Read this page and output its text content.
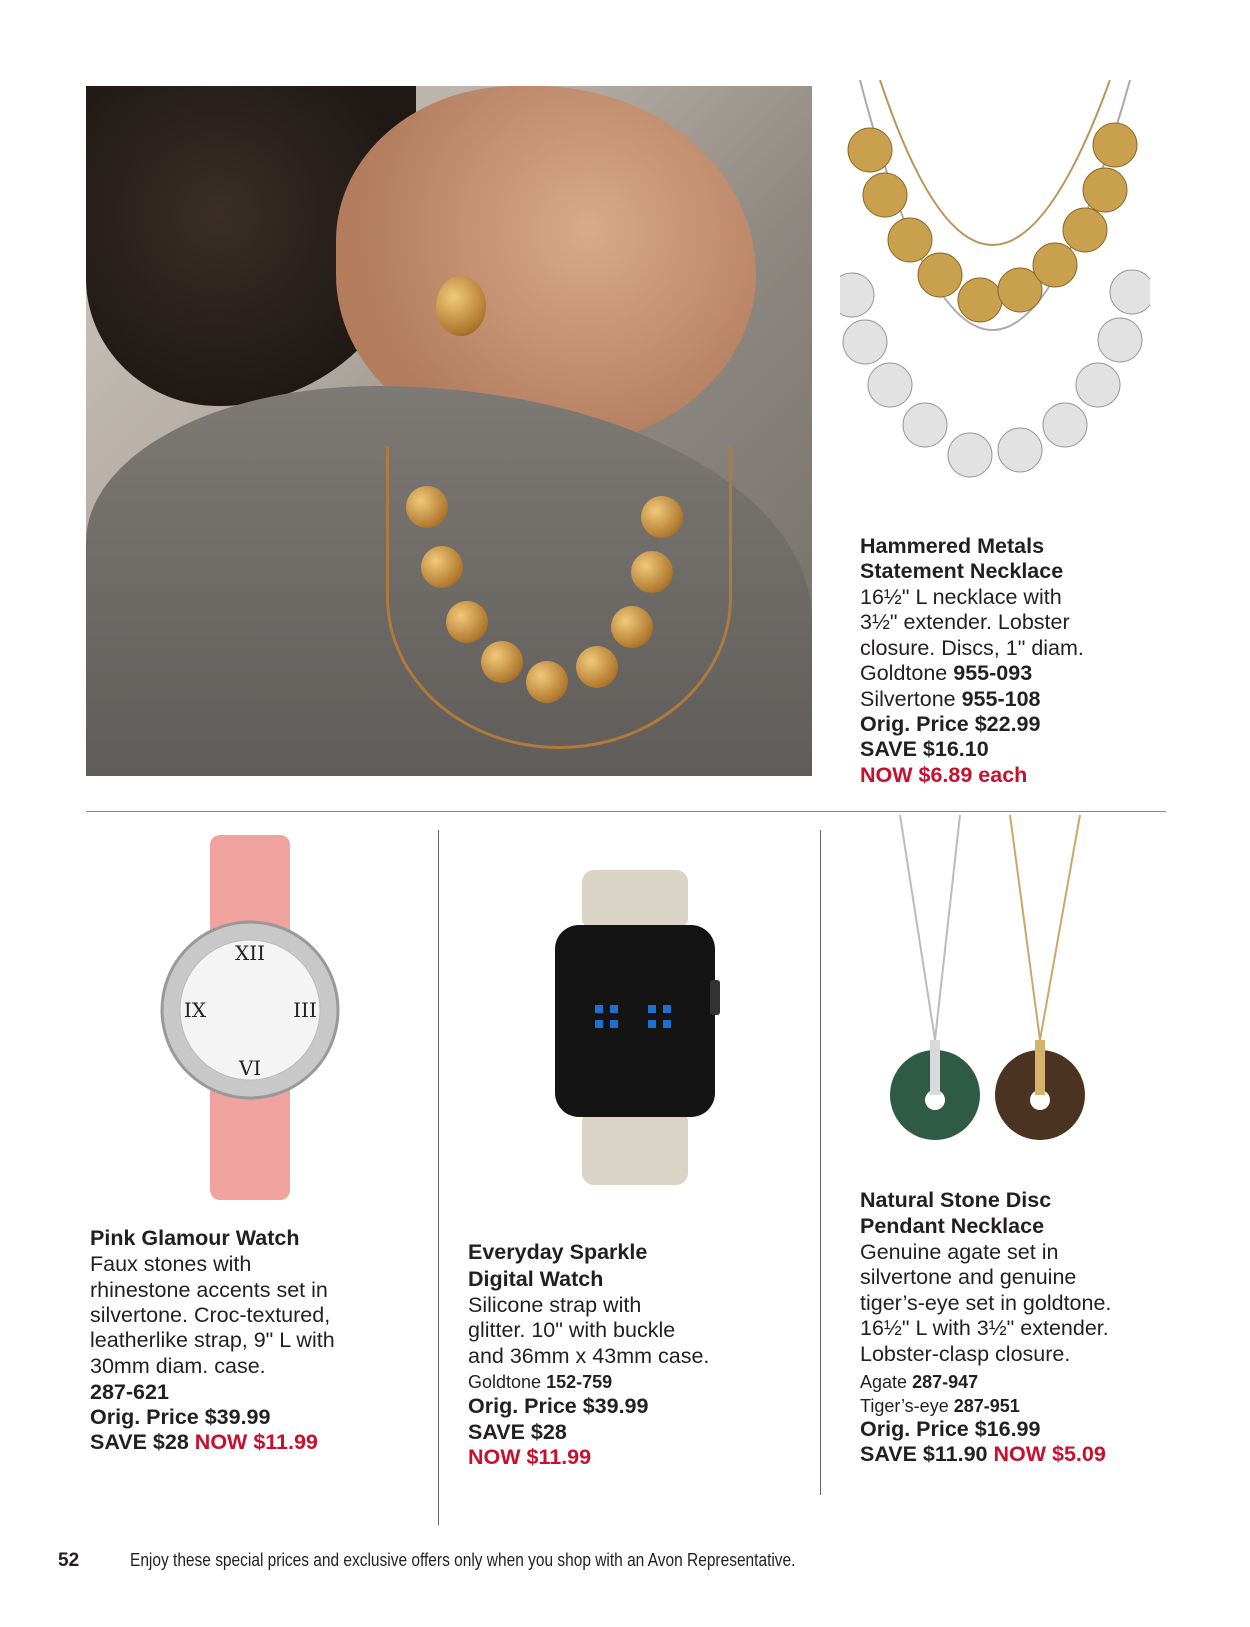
Hammered Metals
Statement Necklace
16½" L necklace with
3½" extender. Lobster
closure. Discs, 1" diam.
Goldtone 955-093
Silvertone 955-108
Orig. Price $22.99
SAVE $16.10
NOW $6.89 each
XII
VI
IX	III
Pink Glamour Watch
Faux stones with
rhinestone accents set in
silvertone. Croc-textured,
leatherlike strap, 9" L with
30mm diam. case.
287-621
Orig. Price $39.99
SAVE $28 NOW $11.99
Everyday Sparkle
Digital Watch
Silicone strap with
glitter. 10" with buckle
and 36mm x 43mm case.
Goldtone 152-759
Orig. Price $39.99
SAVE $28
NOW $11.99
Natural Stone Disc
Pendant Necklace
Genuine agate set in
silvertone and genuine
tiger’s-eye set in goldtone.
16½" L with 3½" extender.
Lobster-clasp closure.
Agate 287-947
Tiger’s-eye 287-951
Orig. Price $16.99
SAVE $11.90 NOW $5.09
52	Enjoy these special prices and exclusive offers only when you shop with an Avon Representative.
